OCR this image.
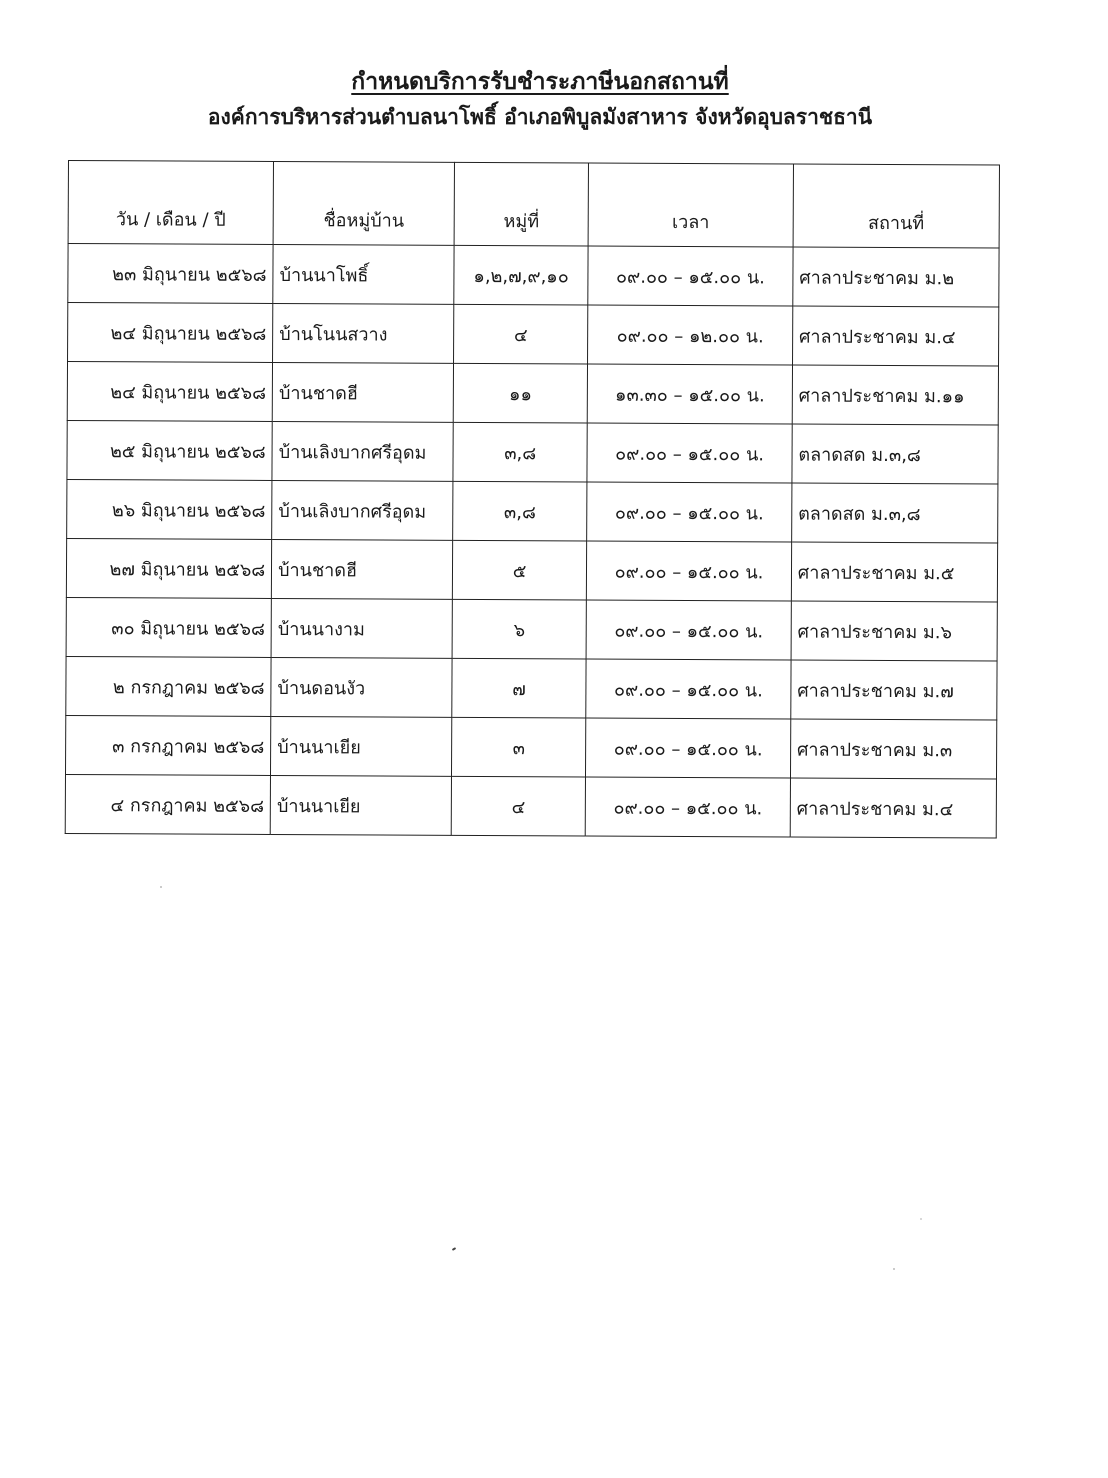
กำหนดบริการรับชำระภาษีนอกสถานที่
องค์การบริหารส่วนตำบลนาโพธิ์ อำเภอพิบูลมังสาหาร จังหวัดอุบลราชธานี
วัน / เดือน / ปี	ชื่อหมู่บ้าน	หมู่ที่	เวลา	สถานที่
๒๓ มิถุนายน ๒๕๖๘	บ้านนาโพธิ์	๑,๒,๗,๙,๑๐	๐๙.๐๐ – ๑๕.๐๐ น.	ศาลาประชาคม ม.๒
๒๔ มิถุนายน ๒๕๖๘	บ้านโนนสวาง	๔	๐๙.๐๐ – ๑๒.๐๐ น.	ศาลาประชาคม ม.๔
๒๔ มิถุนายน ๒๕๖๘	บ้านชาดฮี	๑๑	๑๓.๓๐ – ๑๕.๐๐ น.	ศาลาประชาคม ม.๑๑
๒๕ มิถุนายน ๒๕๖๘	บ้านเลิงบากศรีอุดม	๓,๘	๐๙.๐๐ – ๑๕.๐๐ น.	ตลาดสด ม.๓,๘
๒๖ มิถุนายน ๒๕๖๘	บ้านเลิงบากศรีอุดม	๓,๘	๐๙.๐๐ – ๑๕.๐๐ น.	ตลาดสด ม.๓,๘
๒๗ มิถุนายน ๒๕๖๘	บ้านชาดฮี	๕	๐๙.๐๐ – ๑๕.๐๐ น.	ศาลาประชาคม ม.๕
๓๐ มิถุนายน ๒๕๖๘	บ้านนางาม	๖	๐๙.๐๐ – ๑๕.๐๐ น.	ศาลาประชาคม ม.๖
๒ กรกฎาคม ๒๕๖๘	บ้านดอนงัว	๗	๐๙.๐๐ – ๑๕.๐๐ น.	ศาลาประชาคม ม.๗
๓ กรกฎาคม ๒๕๖๘	บ้านนาเยีย	๓	๐๙.๐๐ – ๑๕.๐๐ น.	ศาลาประชาคม ม.๓
๔ กรกฎาคม ๒๕๖๘	บ้านนาเยีย	๔	๐๙.๐๐ – ๑๕.๐๐ น.	ศาลาประชาคม ม.๔
